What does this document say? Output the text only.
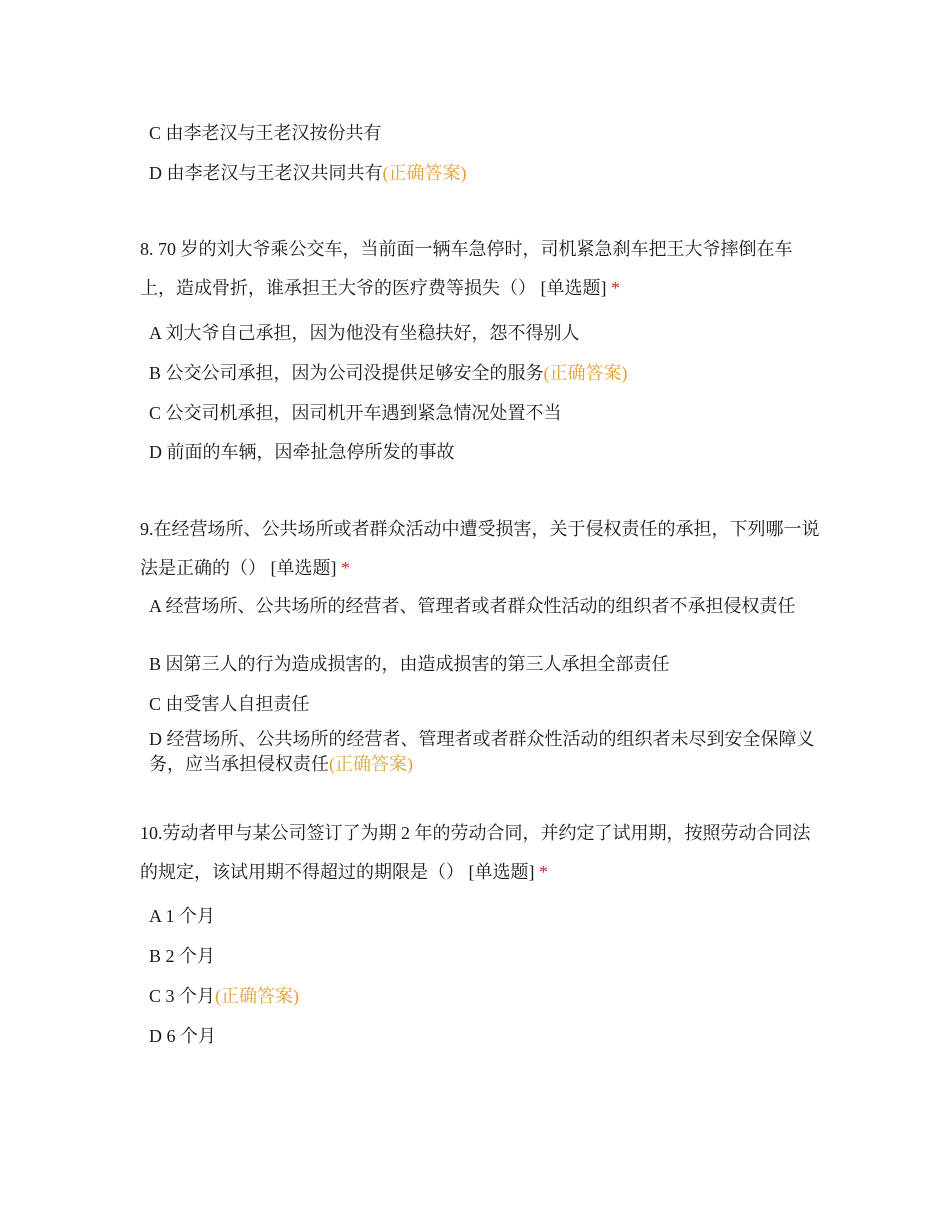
C 由李老汉与王老汉按份共有
D 由李老汉与王老汉共同共有(正确答案)
8. 70 岁的刘大爷乘公交车，当前面一辆车急停时，司机紧急刹车把王大爷摔倒在车上，造成骨折，谁承担王大爷的医疗费等损失（） [单选题] *
A 刘大爷自己承担，因为他没有坐稳扶好，怨不得别人
B 公交公司承担，因为公司没提供足够安全的服务(正确答案)
C 公交司机承担，因司机开车遇到紧急情况处置不当
D 前面的车辆，因牵扯急停所发的事故
9.在经营场所、公共场所或者群众活动中遭受损害，关于侵权责任的承担，下列哪一说法是正确的（） [单选题] *
A 经营场所、公共场所的经营者、管理者或者群众性活动的组织者不承担侵权责任
B 因第三人的行为造成损害的，由造成损害的第三人承担全部责任
C 由受害人自担责任
D 经营场所、公共场所的经营者、管理者或者群众性活动的组织者未尽到安全保障义务，应当承担侵权责任(正确答案)
10.劳动者甲与某公司签订了为期 2 年的劳动合同，并约定了试用期，按照劳动合同法的规定，该试用期不得超过的期限是（） [单选题] *
A 1 个月
B 2 个月
C 3 个月(正确答案)
D 6 个月
